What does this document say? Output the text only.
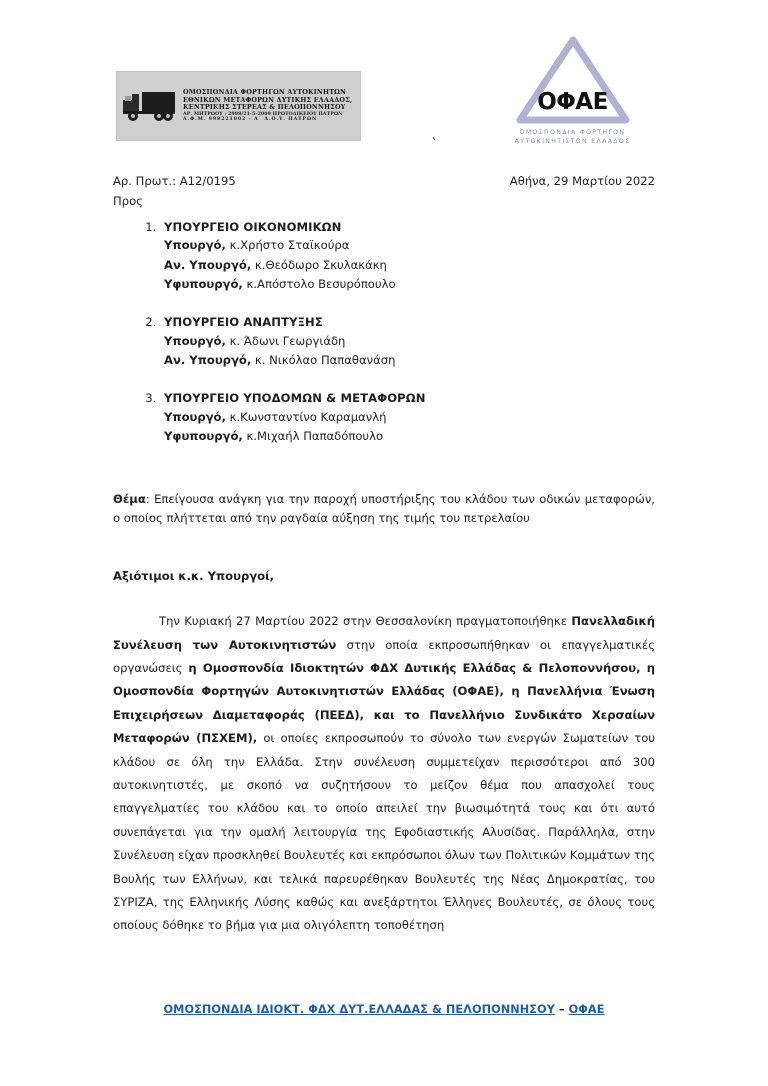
ΟΜΟΣΠΟΝΔΙΑ ΦΟΡΤΗΓΩΝ ΑΥΤΟΚΙΝΗΤΩΝ
ΕΘΝΙΚΩΝ ΜΕΤΑΦΟΡΩΝ ΔΥΤΙΚΗΣ ΕΛΛΑΔΟΣ,
ΚΕΝΤΡΙΚΗΣ ΣΤΕΡΕΑΣ & ΠΕΛΟΠΟΝΝΗΣΟΥ
ΑΡ. ΜΗΤΡΩΟΥ : 2998/21-5-2009 ΠΡΩΤΟΔΙΚΕΙΟΥ ΠΑΤΡΩΝ
Α.Φ.Μ. 998221002 - Α΄ Δ.Ο.Υ. ΠΑΤΡΩΝ
`
ΟΦΑΕ
ΟΜΟΣΠΟΝΔΙΑ ΦΟΡΤΗΓΩΝ
ΑΥΤΟΚΙΝΗΤΙΣΤΩΝ ΕΛΛΑΔΟΣ
Αρ. Πρωτ.: Α12/0195	Αθήνα, 29 Μαρτίου 2022
Προς
1. ΥΠΟΥΡΓΕΙΟ ΟΙΚΟΝΟΜΙΚΩΝ
Υπουργό, κ.Χρήστο Σταϊκούρα
Αν. Υπουργό, κ.Θεόδωρο Σκυλακάκη
Υφυπουργό, κ.Απόστολο Βεσυρόπουλο
2. ΥΠΟΥΡΓΕΙΟ ΑΝΑΠΤΥΞΗΣ
Υπουργό, κ. Άδωνι Γεωργιάδη
Αν. Υπουργό, κ. Νικόλαο Παπαθανάση
3. ΥΠΟΥΡΓΕΙΟ ΥΠΟΔΟΜΩΝ & ΜΕΤΑΦΟΡΩΝ
Υπουργό, κ.Κωνσταντίνο Καραμανλή
Υφυπουργό, κ.Μιχαήλ Παπαδόπουλο
Θέμα: Επείγουσα ανάγκη για την παροχή υποστήριξης του κλάδου των οδικών μεταφορών, ο οποίος πλήττεται από την ραγδαία αύξηση της τιμής του πετρελαίου
Αξιότιμοι κ.κ. Υπουργοί,
Την Κυριακή 27 Μαρτίου 2022 στην Θεσσαλονίκη πραγματοποιήθηκε Πανελλαδική Συνέλευση των Αυτοκινητιστών στην οποία εκπροσωπήθηκαν οι επαγγελματικές οργανώσεις η Ομοσπονδία Ιδιοκτητών ΦΔΧ Δυτικής Ελλάδας & Πελοποννήσου, η Ομοσπονδία Φορτηγών Αυτοκινητιστών Ελλάδας (ΟΦΑΕ), η Πανελλήνια Ένωση Επιχειρήσεων Διαμεταφοράς (ΠΕΕΔ), και το Πανελλήνιο Συνδικάτο Χερσαίων Μεταφορών (ΠΣΧΕΜ), οι οποίες εκπροσωπούν το σύνολο των ενεργών Σωματείων του κλάδου σε όλη την Ελλάδα. Στην συνέλευση συμμετείχαν περισσότεροι από 300 αυτοκινητιστές, με σκοπό να συζητήσουν το μείζον θέμα που απασχολεί τους επαγγελματίες του κλάδου και το οποίο απειλεί την βιωσιμότητά τους και ότι αυτό συνεπάγεται για την ομαλή λειτουργία της Εφοδιαστικής Αλυσίδας. Παράλληλα, στην Συνέλευση είχαν προσκληθεί Βουλευτές και εκπρόσωποι όλων των Πολιτικών Κομμάτων της Βουλής των Ελλήνων, και τελικά παρευρέθηκαν Βουλευτές της Νέας Δημοκρατίας, του ΣΥΡΙΖΑ, της Ελληνικής Λύσης καθώς και ανεξάρτητοι Έλληνες Βουλευτές, σε όλους τους οποίους δόθηκε το βήμα για μια ολιγόλεπτη τοποθέτηση
ΟΜΟΣΠΟΝΔΙΑ ΙΔΙΟΚΤ. ΦΔΧ ΔΥΤ.ΕΛΛΑΔΑΣ & ΠΕΛΟΠΟΝΝΗΣΟΥ – ΟΦΑΕ
